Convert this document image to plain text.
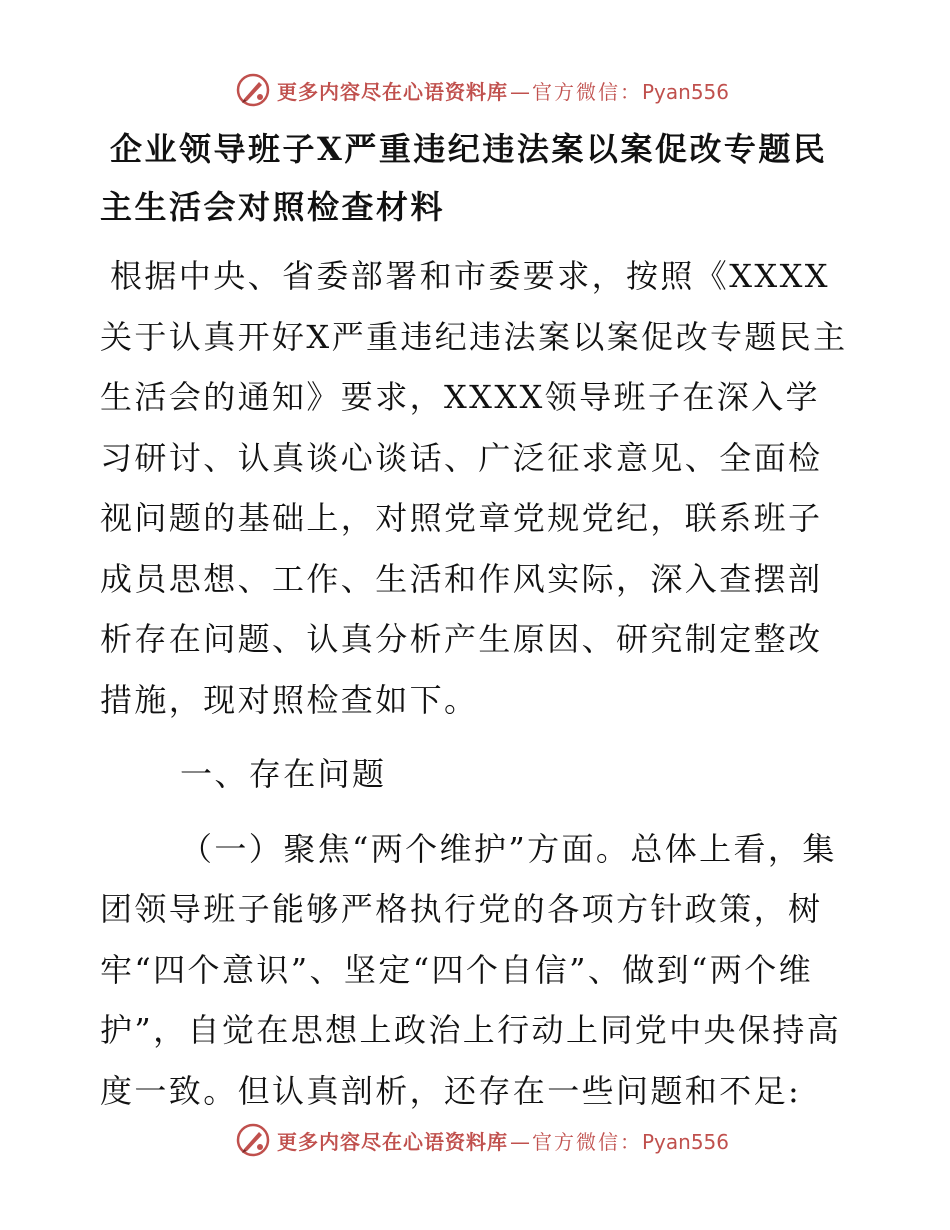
更多内容尽在心语资料库 — 官方微信：Pyan556
企业领导班子X严重违纪违法案以案促改专题民主生活会对照检查材料

根据中央、省委部署和市委要求，按照《XXXX关于认真开好X严重违纪违法案以案促改专题民主生活会的通知》要求，XXXX领导班子在深入学习研讨、认真谈心谈话、广泛征求意见、全面检视问题的基础上，对照党章党规党纪，联系班子成员思想、工作、生活和作风实际，深入查摆剖析存在问题、认真分析产生原因、研究制定整改措施，现对照检查如下。

一、存在问题

（一）聚焦“两个维护”方面。总体上看，集团领导班子能够严格执行党的各项方针政策，树牢“四个意识”、坚定“四个自信”、做到“两个维护”，自觉在思想上政治上行动上同党中央保持高度一致。但认真剖析，还存在一些问题和不足:

更多内容尽在心语资料库 — 官方微信：Pyan556
